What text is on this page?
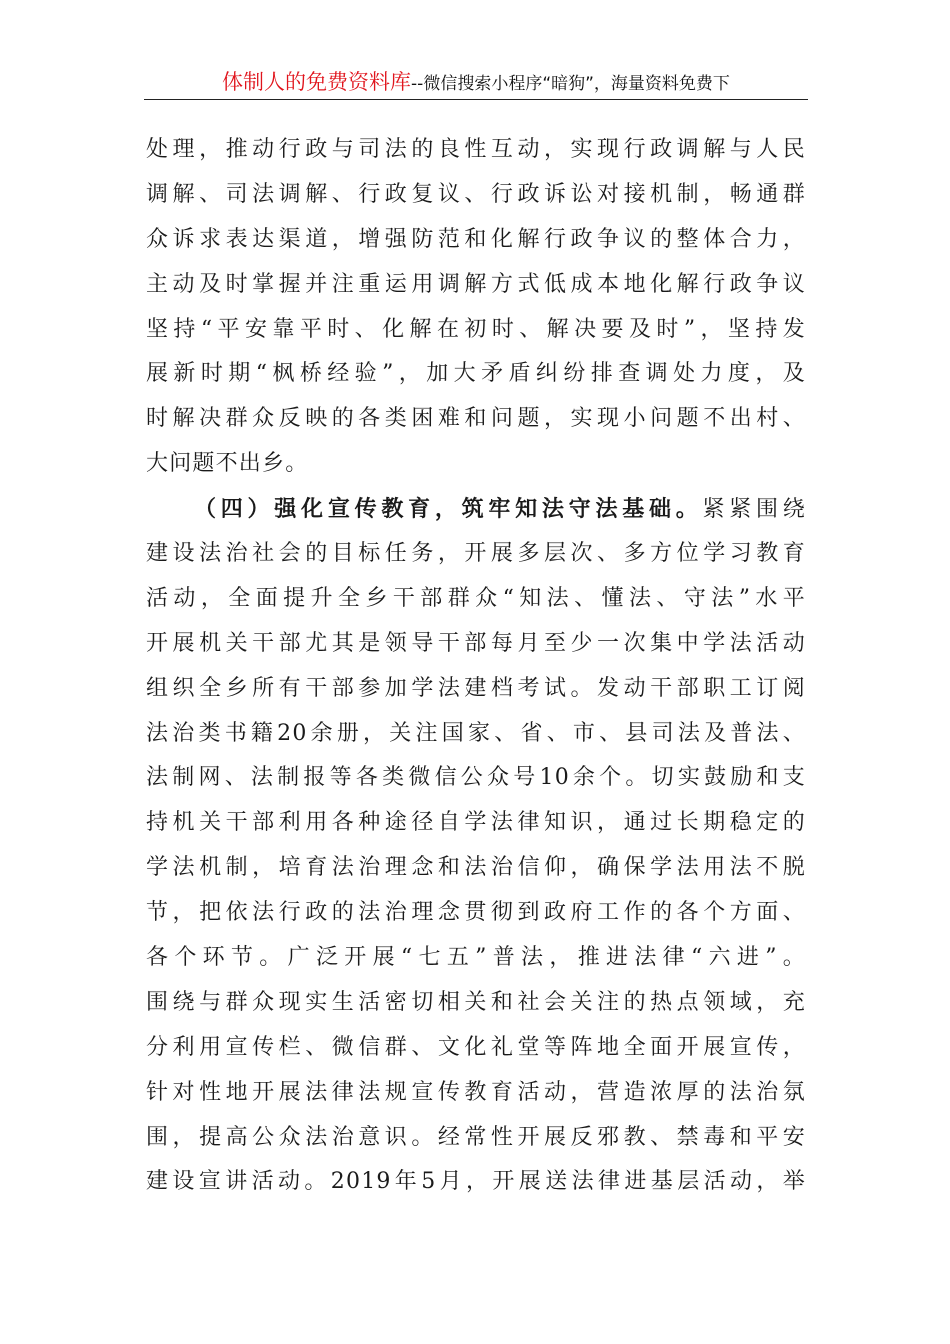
体制人的免费资料库--微信搜索小程序“暗狗”，海量资料免费下
处理，推动行政与司法的良性互动，实现行政调解与人民
调解、司法调解、行政复议、行政诉讼对接机制，畅通群
众诉求表达渠道，增强防范和化解行政争议的整体合力，
主动及时掌握并注重运用调解方式低成本地化解行政争议
坚持“平安靠平时、化解在初时、解决要及时”，坚持发
展新时期“枫桥经验”，加大矛盾纠纷排查调处力度，及
时解决群众反映的各类困难和问题，实现小问题不出村、
大问题不出乡。
（四）强化宣传教育，筑牢知法守法基础。紧紧围绕
建设法治社会的目标任务，开展多层次、多方位学习教育
活动，全面提升全乡干部群众“知法、懂法、守法”水平
开展机关干部尤其是领导干部每月至少一次集中学法活动
组织全乡所有干部参加学法建档考试。发动干部职工订阅
法治类书籍20余册，关注国家、省、市、县司法及普法、
法制网、法制报等各类微信公众号10余个。切实鼓励和支
持机关干部利用各种途径自学法律知识，通过长期稳定的
学法机制，培育法治理念和法治信仰，确保学法用法不脱
节，把依法行政的法治理念贯彻到政府工作的各个方面、
各个环节。广泛开展“七五”普法，推进法律“六进”。
围绕与群众现实生活密切相关和社会关注的热点领域，充
分利用宣传栏、微信群、文化礼堂等阵地全面开展宣传，
针对性地开展法律法规宣传教育活动，营造浓厚的法治氛
围，提高公众法治意识。经常性开展反邪教、禁毒和平安
建设宣讲活动。2019年5月，开展送法律进基层活动，举
